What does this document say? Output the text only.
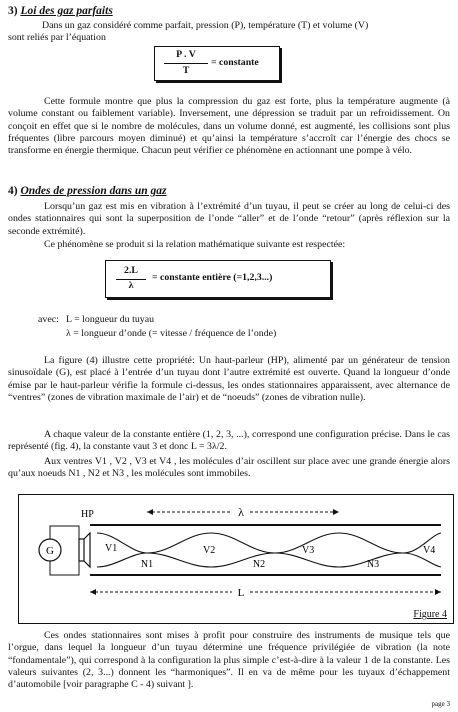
3) Loi des gaz parfaits
Dans un gaz considéré comme parfait, pression (P), température (T) et volume (V)
sont reliés par l’équation
P . V
T
= constante
Cette formule montre que plus la compression du gaz est forte, plus la température augmente (à volume constant ou faiblement variable). Inversement, une dépression se traduit par un refroidissement. On conçoit en effet que si le nombre de molécules, dans un volume donné, est augmenté, les collisions sont plus fréquentes (libre parcours moyen diminué) et qu’ainsi la température s’accroît car l’énergie des chocs se transforme en énergie thermique. Chacun peut vérifier ce phénomène en actionnant une pompe à vélo.
4) Ondes de pression dans un gaz
Lorsqu’un gaz est mis en vibration à l’extrémité d’un tuyau, il peut se créer au long de celui-ci des ondes stationnaires qui sont la superposition de l’onde “aller” et de l’onde “retour” (après réflexion sur la seconde extrémité).
Ce phénomène se produit si la relation mathématique suivante est respectée:
2.L
λ
= constante entière (=1,2,3...)
avec: L = longueur du tuyau
λ = longueur d’onde (= vitesse / fréquence de l’onde)
La figure (4) illustre cette propriété: Un haut-parleur (HP), alimenté par un générateur de tension sinusoïdale (G), est placé à l’entrée d’un tuyau dont l’autre extrémité est ouverte. Quand la longueur d’onde émise par le haut-parleur vérifie la formule ci-dessus, les ondes stationnaires apparaissent, avec alternance de “ventres” (zones de vibration maximale de l’air) et de “noeuds” (zones de vibration nulle).
A chaque valeur de la constante entière (1, 2, 3, ...), correspond une configuration précise. Dans le cas représenté (fig. 4), la constante vaut 3 et donc L = 3λ/2.
Aux ventres V1 , V2 , V3 et V4 , les molécules d’air oscillent sur place avec une grande énergie alors qu’aux noeuds N1 , N2 et N3 , les molécules sont immobiles.
G
HP	λ
L
V1	V2	V3	V4
N1	N2	N3
Figure 4
Ces ondes stationnaires sont mises à profit pour construire des instruments de musique tels que l’orgue, dans lequel la longueur d’un tuyau détermine une fréquence privilégiée de vibration (la note “fondamentale”), qui correspond à la configuration la plus simple c’est-à-dire à la valeur 1 de la constante. Les valeurs suivantes (2, 3...) donnent les “harmoniques”. Il en va de même pour les tuyaux d’échappement d’automobile [voir paragraphe C - 4) suivant ].
page 3
